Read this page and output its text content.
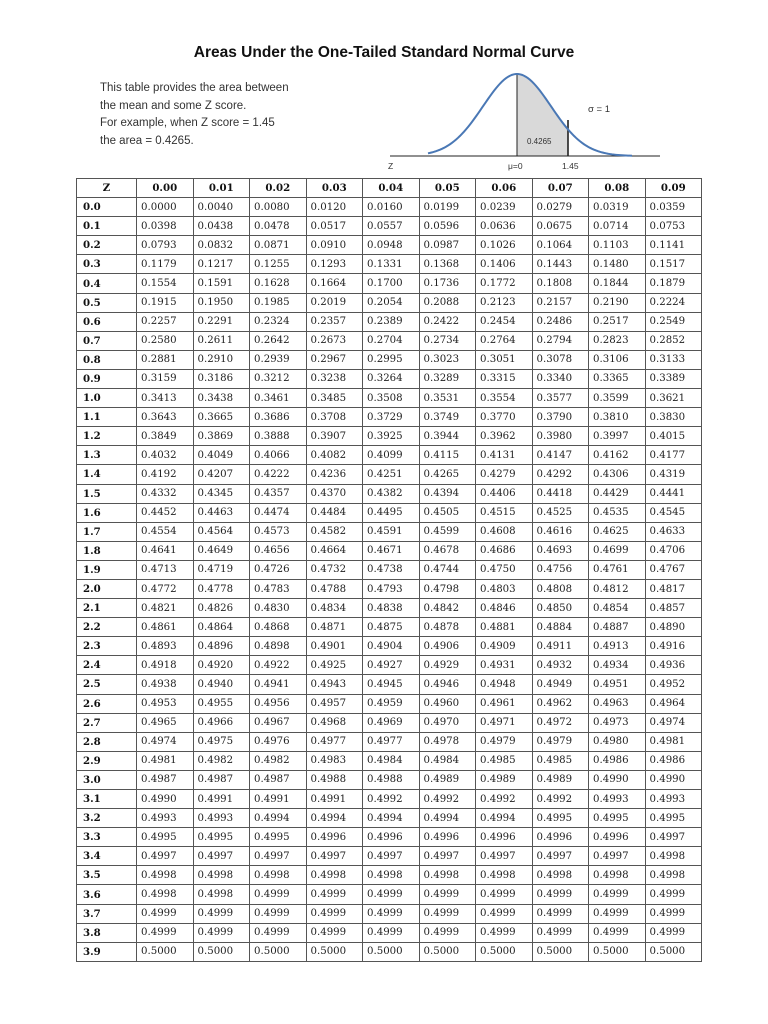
Areas Under the One-Tailed Standard Normal Curve
This table provides the area between
the mean and some Z score.
For example, when Z score = 1.45
the area = 0.4265.
σ = 1
0.4265
Z	μ=0	1.45
Z	0.00	0.01	0.02	0.03	0.04	0.05	0.06	0.07	0.08	0.09
0.0	0.0000	0.0040	0.0080	0.0120	0.0160	0.0199	0.0239	0.0279	0.0319	0.0359
0.1	0.0398	0.0438	0.0478	0.0517	0.0557	0.0596	0.0636	0.0675	0.0714	0.0753
0.2	0.0793	0.0832	0.0871	0.0910	0.0948	0.0987	0.1026	0.1064	0.1103	0.1141
0.3	0.1179	0.1217	0.1255	0.1293	0.1331	0.1368	0.1406	0.1443	0.1480	0.1517
0.4	0.1554	0.1591	0.1628	0.1664	0.1700	0.1736	0.1772	0.1808	0.1844	0.1879
0.5	0.1915	0.1950	0.1985	0.2019	0.2054	0.2088	0.2123	0.2157	0.2190	0.2224
0.6	0.2257	0.2291	0.2324	0.2357	0.2389	0.2422	0.2454	0.2486	0.2517	0.2549
0.7	0.2580	0.2611	0.2642	0.2673	0.2704	0.2734	0.2764	0.2794	0.2823	0.2852
0.8	0.2881	0.2910	0.2939	0.2967	0.2995	0.3023	0.3051	0.3078	0.3106	0.3133
0.9	0.3159	0.3186	0.3212	0.3238	0.3264	0.3289	0.3315	0.3340	0.3365	0.3389
1.0	0.3413	0.3438	0.3461	0.3485	0.3508	0.3531	0.3554	0.3577	0.3599	0.3621
1.1	0.3643	0.3665	0.3686	0.3708	0.3729	0.3749	0.3770	0.3790	0.3810	0.3830
1.2	0.3849	0.3869	0.3888	0.3907	0.3925	0.3944	0.3962	0.3980	0.3997	0.4015
1.3	0.4032	0.4049	0.4066	0.4082	0.4099	0.4115	0.4131	0.4147	0.4162	0.4177
1.4	0.4192	0.4207	0.4222	0.4236	0.4251	0.4265	0.4279	0.4292	0.4306	0.4319
1.5	0.4332	0.4345	0.4357	0.4370	0.4382	0.4394	0.4406	0.4418	0.4429	0.4441
1.6	0.4452	0.4463	0.4474	0.4484	0.4495	0.4505	0.4515	0.4525	0.4535	0.4545
1.7	0.4554	0.4564	0.4573	0.4582	0.4591	0.4599	0.4608	0.4616	0.4625	0.4633
1.8	0.4641	0.4649	0.4656	0.4664	0.4671	0.4678	0.4686	0.4693	0.4699	0.4706
1.9	0.4713	0.4719	0.4726	0.4732	0.4738	0.4744	0.4750	0.4756	0.4761	0.4767
2.0	0.4772	0.4778	0.4783	0.4788	0.4793	0.4798	0.4803	0.4808	0.4812	0.4817
2.1	0.4821	0.4826	0.4830	0.4834	0.4838	0.4842	0.4846	0.4850	0.4854	0.4857
2.2	0.4861	0.4864	0.4868	0.4871	0.4875	0.4878	0.4881	0.4884	0.4887	0.4890
2.3	0.4893	0.4896	0.4898	0.4901	0.4904	0.4906	0.4909	0.4911	0.4913	0.4916
2.4	0.4918	0.4920	0.4922	0.4925	0.4927	0.4929	0.4931	0.4932	0.4934	0.4936
2.5	0.4938	0.4940	0.4941	0.4943	0.4945	0.4946	0.4948	0.4949	0.4951	0.4952
2.6	0.4953	0.4955	0.4956	0.4957	0.4959	0.4960	0.4961	0.4962	0.4963	0.4964
2.7	0.4965	0.4966	0.4967	0.4968	0.4969	0.4970	0.4971	0.4972	0.4973	0.4974
2.8	0.4974	0.4975	0.4976	0.4977	0.4977	0.4978	0.4979	0.4979	0.4980	0.4981
2.9	0.4981	0.4982	0.4982	0.4983	0.4984	0.4984	0.4985	0.4985	0.4986	0.4986
3.0	0.4987	0.4987	0.4987	0.4988	0.4988	0.4989	0.4989	0.4989	0.4990	0.4990
3.1	0.4990	0.4991	0.4991	0.4991	0.4992	0.4992	0.4992	0.4992	0.4993	0.4993
3.2	0.4993	0.4993	0.4994	0.4994	0.4994	0.4994	0.4994	0.4995	0.4995	0.4995
3.3	0.4995	0.4995	0.4995	0.4996	0.4996	0.4996	0.4996	0.4996	0.4996	0.4997
3.4	0.4997	0.4997	0.4997	0.4997	0.4997	0.4997	0.4997	0.4997	0.4997	0.4998
3.5	0.4998	0.4998	0.4998	0.4998	0.4998	0.4998	0.4998	0.4998	0.4998	0.4998
3.6	0.4998	0.4998	0.4999	0.4999	0.4999	0.4999	0.4999	0.4999	0.4999	0.4999
3.7	0.4999	0.4999	0.4999	0.4999	0.4999	0.4999	0.4999	0.4999	0.4999	0.4999
3.8	0.4999	0.4999	0.4999	0.4999	0.4999	0.4999	0.4999	0.4999	0.4999	0.4999
3.9	0.5000	0.5000	0.5000	0.5000	0.5000	0.5000	0.5000	0.5000	0.5000	0.5000
